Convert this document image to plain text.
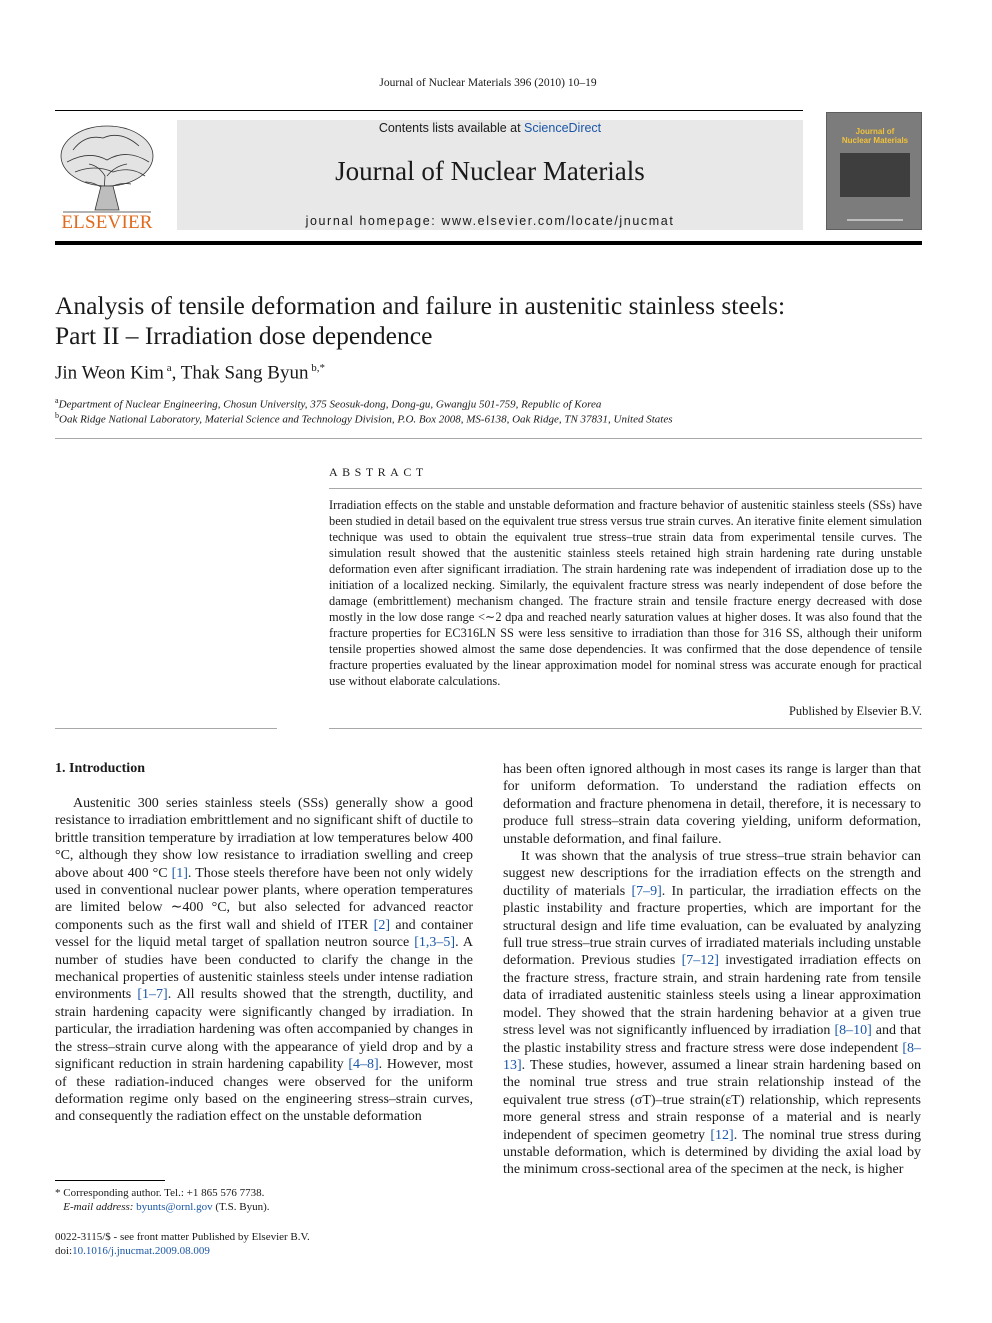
Journal of Nuclear Materials 396 (2010) 10–19
ELSEVIER
Contents lists available at ScienceDirect
Journal of Nuclear Materials
journal homepage: www.elsevier.com/locate/jnucmat
Journal of
Nuclear Materials
Analysis of tensile deformation and failure in austenitic stainless steels:
Part II – Irradiation dose dependence
Jin Weon Kim $^a$, Thak Sang Byun $^{b,*}$
$^a$Department of Nuclear Engineering, Chosun University, 375 Seosuk-dong, Dong-gu, Gwangju 501-759, Republic of Korea
$^b$Oak Ridge National Laboratory, Material Science and Technology Division, P.O. Box 2008, MS-6138, Oak Ridge, TN 37831, United States
ABSTRACT
Irradiation effects on the stable and unstable deformation and fracture behavior of austenitic stainless steels (SSs) have been studied in detail based on the equivalent true stress versus true strain curves. An iterative finite element simulation technique was used to obtain the equivalent true stress–true strain data from experimental tensile curves. The simulation result showed that the austenitic stainless steels retained high strain hardening rate during unstable deformation even after significant irradiation. The strain hardening rate was independent of irradiation dose up to the initiation of a localized necking. Similarly, the equivalent fracture stress was nearly independent of dose before the damage (embrittlement) mechanism changed. The fracture strain and tensile fracture energy decreased with dose mostly in the low dose range <∼2 dpa and reached nearly saturation values at higher doses. It was also found that the fracture properties for EC316LN SS were less sensitive to irradiation than those for 316 SS, although their uniform tensile properties showed almost the same dose dependencies. It was confirmed that the dose dependence of tensile fracture properties evaluated by the linear approximation model for nominal stress was accurate enough for practical use without elaborate calculations.
Published by Elsevier B.V.
1. Introduction

Austenitic 300 series stainless steels (SSs) generally show a good resistance to irradiation embrittlement and no significant shift of ductile to brittle transition temperature by irradiation at low temperatures below 400 °C, although they show low resistance to irradiation swelling and creep above about 400 °C [1]. Those steels therefore have been not only widely used in conventional nuclear power plants, where operation temperatures are limited below ∼400 °C, but also selected for advanced reactor components such as the first wall and shield of ITER [2] and container vessel for the liquid metal target of spallation neutron source [1,3–5]. A number of studies have been conducted to clarify the change in the mechanical properties of austenitic stainless steels under intense radiation environments [1–7]. All results showed that the strength, ductility, and strain hardening capacity were significantly changed by irradiation. In particular, the irradiation hardening was often accompanied by changes in the stress–strain curve along with the appearance of yield drop and by a significant reduction in strain hardening capability [4–8]. However, most of these radiation-induced changes were observed for the uniform deformation regime only based on the engineering stress–strain curves, and consequently the radiation effect on the unstable deformation

has been often ignored although in most cases its range is larger than that for uniform deformation. To understand the radiation effects on deformation and fracture phenomena in detail, therefore, it is necessary to produce full stress–strain data covering yielding, uniform deformation, unstable deformation, and final failure.

It was shown that the analysis of true stress–true strain behavior can suggest new descriptions for the irradiation effects on the strength and ductility of materials [7–9]. In particular, the irradiation effects on the plastic instability and fracture properties, which are important for the structural design and life time evaluation, can be evaluated by analyzing full true stress–true strain curves of irradiated materials including unstable deformation. Previous studies [7–12] investigated irradiation effects on the fracture stress, fracture strain, and strain hardening rate from tensile data of irradiated austenitic stainless steels using a linear approximation model. They showed that the strain hardening behavior at a given true stress level was not significantly influenced by irradiation [8–10] and that the plastic instability stress and fracture stress were dose independent [8–13]. These studies, however, assumed a linear strain hardening based on the nominal true stress and true strain relationship instead of the equivalent true stress (σT)–true strain(εT) relationship, which represents more general stress and strain response of a material and is nearly independent of specimen geometry [12]. The nominal true stress during unstable deformation, which is determined by dividing the axial load by the minimum cross-sectional area of the specimen at the neck, is higher

* Corresponding author. Tel.: +1 865 576 7738.
E-mail address: byunts@ornl.gov (T.S. Byun).
0022-3115/$ - see front matter Published by Elsevier B.V.
doi:10.1016/j.jnucmat.2009.08.009
